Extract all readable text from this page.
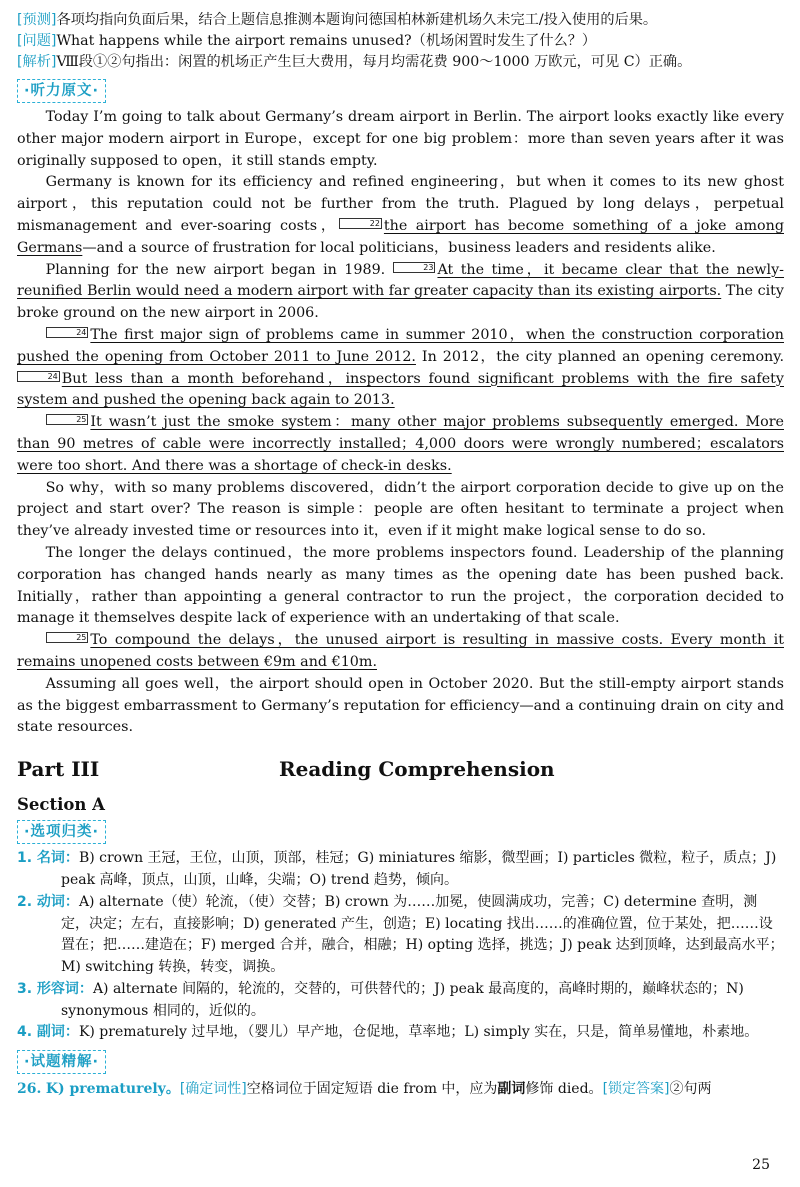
[预测]各项均指向负面后果，结合上题信息推测本题询问德国柏林新建机场久未完工/投入使用的后果。
[问题]What happens while the airport remains unused?（机场闲置时发生了什么？）
[解析]Ⅷ段①②句指出：闲置的机场正产生巨大费用，每月均需花费 900～1000 万欧元，可见 C）正确。
·听力原文·

Today I’m going to talk about Germany’s dream airport in Berlin. The airport looks exactly like every other major modern airport in Europe，except for one big problem：more than seven years after it was originally supposed to open，it still stands empty.

Germany is known for its efficiency and refined engineering，but when it comes to its new ghost airport，this reputation could not be further from the truth. Plagued by long delays，perpetual mismanagement and ever-soaring costs，	22 the airport has become something of a joke among Germans—and a source of frustration for local politicians，business leaders and residents alike.

Planning for the new airport began in 1989.	23 At the time，it became clear that the newly-reunified Berlin would need a modern airport with far greater capacity than its existing airports. The city broke ground on the new airport in 2006.

24 The first major sign of problems came in summer 2010，when the construction corporation pushed the opening from October 2011 to June 2012. In 2012，the city planned an opening ceremony. 24 But less than a month beforehand，inspectors found significant problems with the fire safety system and pushed the opening back again to 2013.

25 It wasn’t just the smoke system：many other major problems subsequently emerged. More than 90 metres of cable were incorrectly installed；4,000 doors were wrongly numbered；escalators were too short. And there was a shortage of check-in desks.

So why，with so many problems discovered，didn’t the airport corporation decide to give up on the project and start over? The reason is simple：people are often hesitant to terminate a project when they’ve already invested time or resources into it，even if it might make logical sense to do so.

The longer the delays continued，the more problems inspectors found. Leadership of the planning corporation has changed hands nearly as many times as the opening date has been pushed back. Initially，rather than appointing a general contractor to run the project，the corporation decided to manage it themselves despite lack of experience with an undertaking of that scale.

25 To compound the delays，the unused airport is resulting in massive costs. Every month it remains unopened costs between €9m and €10m.

Assuming all goes well，the airport should open in October 2020. But the still-empty airport stands as the biggest embarrassment to Germany’s reputation for efficiency—and a continuing drain on city and state resources.

Part III	Reading Comprehension
Section A
·选项归类·

1. 名词：B) crown 王冠，王位，山顶，顶部，桂冠；G) miniatures 缩影，微型画；I) particles 微粒，粒子，质点；J) peak 高峰，顶点，山顶，山峰，尖端；O) trend 趋势，倾向。

2. 动词：A) alternate（使）轮流，（使）交替；B) crown 为……加冕，使圆满成功，完善；C) determine 查明，测定，决定；左右，直接影响；D) generated 产生，创造；E) locating 找出……的准确位置，位于某处，把……设置在；把……建造在；F) merged 合并，融合，相融；H) opting 选择，挑选；J) peak 达到顶峰，达到最高水平；M) switching 转换，转变，调换。

3. 形容词：A) alternate 间隔的，轮流的，交替的，可供替代的；J) peak 最高度的，高峰时期的，巅峰状态的；N) synonymous 相同的，近似的。

4. 副词：K) prematurely 过早地，（婴儿）早产地，仓促地，草率地；L) simply 实在，只是，简单易懂地，朴素地。

·试题精解·
26. K) prematurely。[确定词性]空格词位于固定短语 die from 中，应为副词修饰 died。[锁定答案]②句两
25
